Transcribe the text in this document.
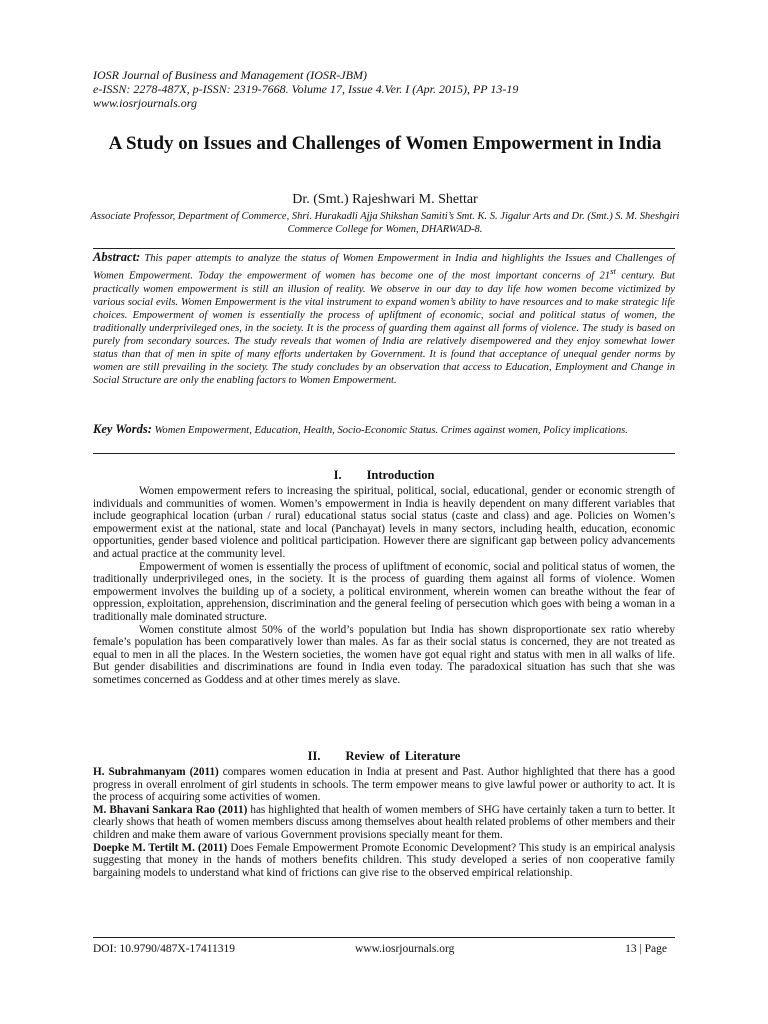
IOSR Journal of Business and Management (IOSR-JBM)
e-ISSN: 2278-487X, p-ISSN: 2319-7668. Volume 17, Issue 4.Ver. I (Apr. 2015), PP 13-19
www.iosrjournals.org
A Study on Issues and Challenges of Women Empowerment in India
Dr. (Smt.) Rajeshwari M. Shettar
Associate Professor, Department of Commerce, Shri. Hurakadli Ajja Shikshan Samiti’s Smt. K. S. Jigalur Arts and Dr. (Smt.) S. M. Sheshgiri Commerce College for Women, DHARWAD-8.
Abstract: This paper attempts to analyze the status of Women Empowerment in India and highlights the Issues and Challenges of Women Empowerment. Today the empowerment of women has become one of the most important concerns of 21st century. But practically women empowerment is still an illusion of reality. We observe in our day to day life how women become victimized by various social evils. Women Empowerment is the vital instrument to expand women’s ability to have resources and to make strategic life choices. Empowerment of women is essentially the process of upliftment of economic, social and political status of women, the traditionally underprivileged ones, in the society. It is the process of guarding them against all forms of violence. The study is based on purely from secondary sources. The study reveals that women of India are relatively disempowered and they enjoy somewhat lower status than that of men in spite of many efforts undertaken by Government. It is found that acceptance of unequal gender norms by women are still prevailing in the society. The study concludes by an observation that access to Education, Employment and Change in Social Structure are only the enabling factors to Women Empowerment.
Key Words: Women Empowerment, Education, Health, Socio-Economic Status. Crimes against women, Policy implications.
I.  Introduction

Women empowerment refers to increasing the spiritual, political, social, educational, gender or economic strength of individuals and communities of women. Women’s empowerment in India is heavily dependent on many different variables that include geographical location (urban / rural) educational status social status (caste and class) and age. Policies on Women’s empowerment exist at the national, state and local (Panchayat) levels in many sectors, including health, education, economic opportunities, gender based violence and political participation. However there are significant gap between policy advancements and actual practice at the community level.

Empowerment of women is essentially the process of upliftment of economic, social and political status of women, the traditionally underprivileged ones, in the society. It is the process of guarding them against all forms of violence. Women empowerment involves the building up of a society, a political environment, wherein women can breathe without the fear of oppression, exploitation, apprehension, discrimination and the general feeling of persecution which goes with being a woman in a traditionally male dominated structure.

Women constitute almost 50% of the world’s population but India has shown disproportionate sex ratio whereby female’s population has been comparatively lower than males. As far as their social status is concerned, they are not treated as equal to men in all the places. In the Western societies, the women have got equal right and status with men in all walks of life. But gender disabilities and discriminations are found in India even today. The paradoxical situation has such that she was sometimes concerned as Goddess and at other times merely as slave.

II.  Review of Literature

H. Subrahmanyam (2011) compares women education in India at present and Past. Author highlighted that there has a good progress in overall enrolment of girl students in schools. The term empower means to give lawful power or authority to act. It is the process of acquiring some activities of women.

M. Bhavani Sankara Rao (2011) has highlighted that health of women members of SHG have certainly taken a turn to better. It clearly shows that heath of women members discuss among themselves about health related problems of other members and their children and make them aware of various Government provisions specially meant for them.

Doepke M. Tertilt M. (2011) Does Female Empowerment Promote Economic Development? This study is an empirical analysis suggesting that money in the hands of mothers benefits children. This study developed a series of non cooperative family bargaining models to understand what kind of frictions can give rise to the observed empirical relationship.

DOI: 10.9790/487X-17411319	www.iosrjournals.org	13 | Page
